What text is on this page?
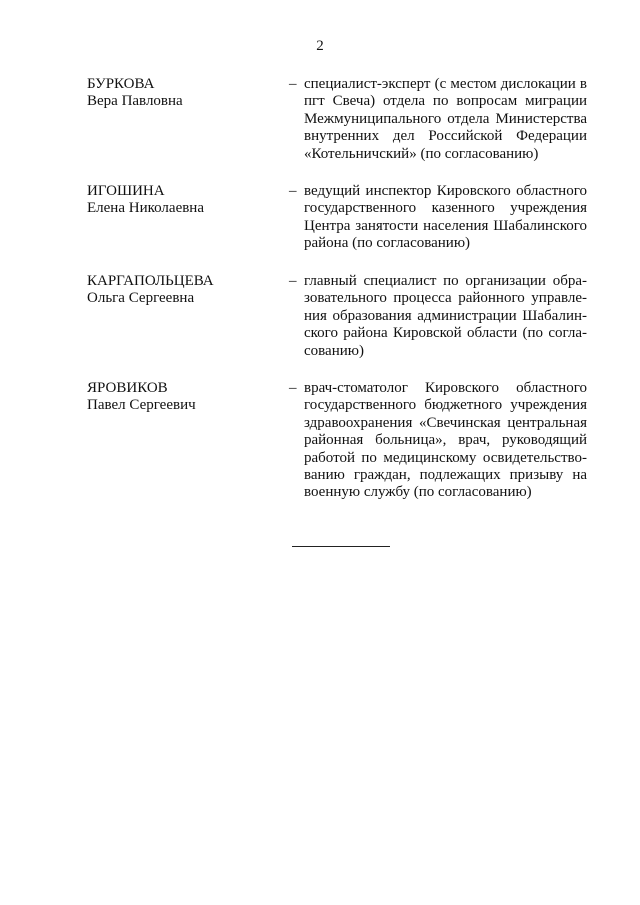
2
БУРКОВА
Вера Павловна
– специалист-эксперт (с местом дислокации в
пгт Свеча) отдела по вопросам миграции
Межмуниципального отдела Министерства
внутренних дел Российской Федерации
«Котельничский» (по согласованию)
ИГОШИНА
Елена Николаевна
– ведущий инспектор Кировского областного
государственного казенного учреждения
Центра занятости населения Шабалинского
района (по согласованию)
КАРГАПОЛЬЦЕВА
Ольга Сергеевна
– главный специалист по организации обра-
зовательного процесса районного управле-
ния образования администрации Шабалин-
ского района Кировской области (по согла-
сованию)
ЯРОВИКОВ
Павел Сергеевич
– врач-стоматолог Кировского областного
государственного бюджетного учреждения
здравоохранения «Свечинская центральная
районная больница», врач, руководящий
работой по медицинскому освидетельство-
ванию граждан, подлежащих призыву на
военную службу (по согласованию)
